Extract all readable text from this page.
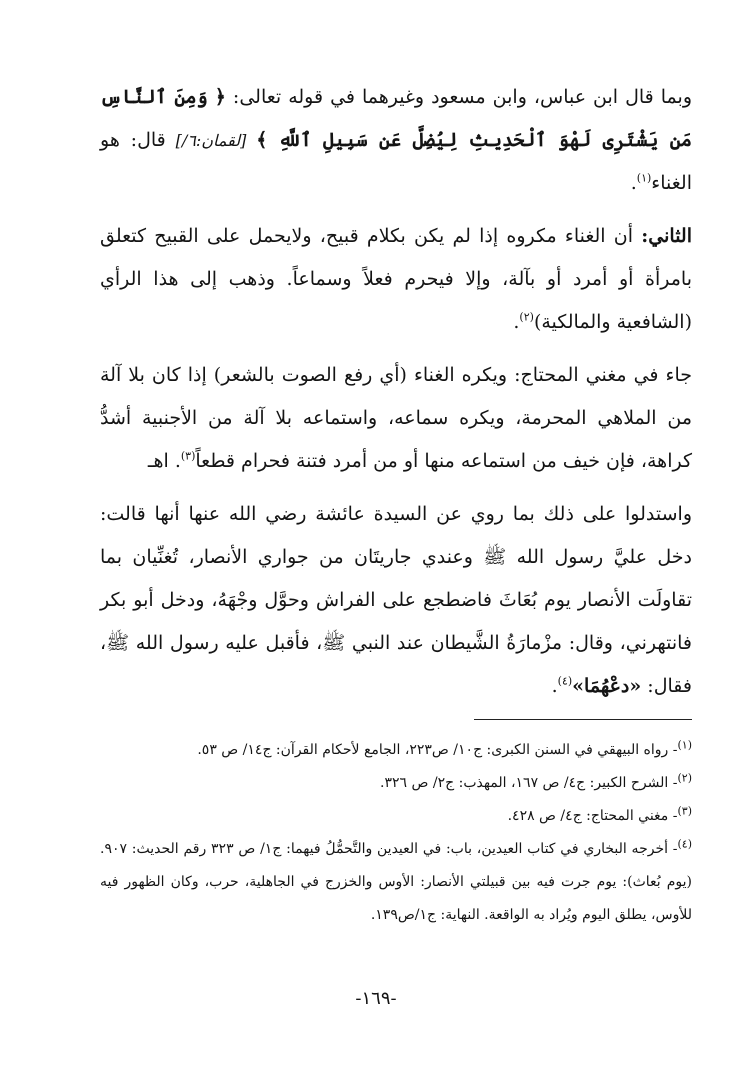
وبما قال ابن عباس، وابن مسعود وغيرهما في قوله تعالى: ﴿ وَمِنَ ٱلنَّاسِ مَن يَشْتَرِى لَهْوَ ٱلْحَدِيثِ لِيُضِلَّ عَن سَبِيلِ ٱللَّهِ ﴾ [لقمان:٦/] قال: هو الغناء$^{(١)}$.

الثاني: أن الغناء مكروه إذا لم يكن بكلام قبيح، ولايحمل على القبيح كتعلق بامرأة أو أمرد أو بآلة، وإلا فيحرم فعلاً وسماعاً. وذهب إلى هذا الرأي (الشافعية والمالكية)$^{(٢)}$.

جاء في مغني المحتاج: ويكره الغناء (أي رفع الصوت بالشعر) إذا كان بلا آلة من الملاهي المحرمة، ويكره سماعه، واستماعه بلا آلة من الأجنبية أشدُّ كراهة، فإن خيف من استماعه منها أو من أمرد فتنة فحرام قطعاً$^{(٣)}$. اهـ

واستدلوا على ذلك بما روي عن السيدة عائشة رضي الله عنها أنها قالت: دخل عليَّ رسول الله ﷺ وعندي جاريتَان من جواري الأنصار، تُغنِّيان بما تقاولَت الأنصار يوم بُعَاثَ فاضطجع على الفراش وحوَّل وجْهَهُ، ودخل أبو بكر فانتهرني، وقال: مزْمارَةُ الشَّيطان عند النبي ﷺ، فأقبل عليه رسول الله ﷺ، فقال: «دعْهُمَا»$^{(٤)}$.

$^{(١)}$- رواه البيهقي في السنن الكبرى: ج١٠/ ص٢٢٣، الجامع لأحكام القرآن: ج١٤/ ص ٥٣.

$^{(٢)}$- الشرح الكبير: ج٤/ ص ١٦٧، المهذب: ج٢/ ص ٣٢٦.

$^{(٣)}$- مغني المحتاج: ج٤/ ص ٤٢٨.

$^{(٤)}$- أخرجه البخاري في كتاب العيدين، باب: في العيدين والتَّحمُّلُ فيهما: ج١/ ص ٣٢٣ رقم الحديث: ٩٠٧. (يوم بُعاث): يوم جرت فيه بين قبيلتي الأنصار: الأوس والخزرج في الجاهلية، حرب، وكان الظهور فيه للأوس، يطلق اليوم ويُراد به الواقعة. النهاية: ج١/ص١٣٩.

-١٦٩-
